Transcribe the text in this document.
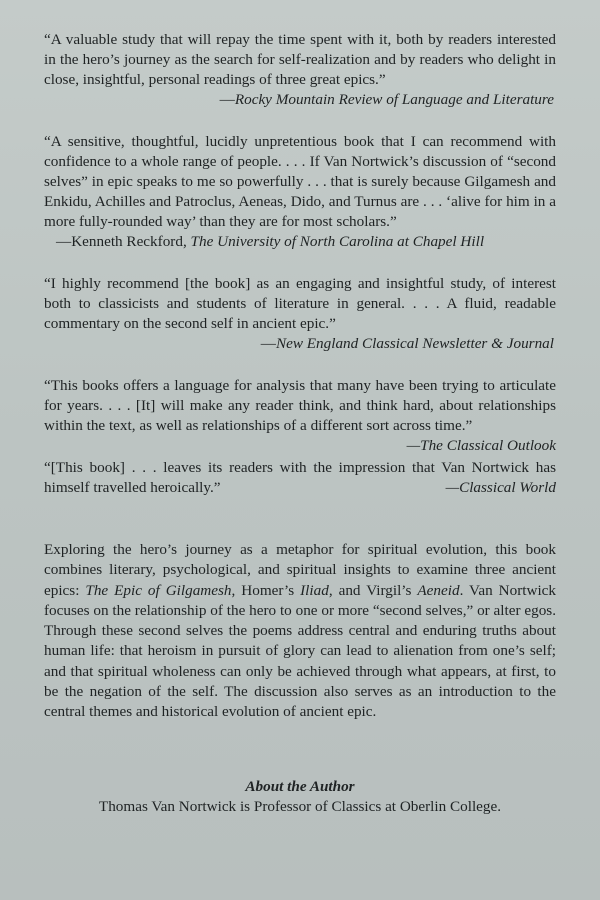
“A valuable study that will repay the time spent with it, both by readers interested in the hero’s journey as the search for self-realization and by readers who delight in close, insightful, personal readings of three great epics.”

—Rocky Mountain Review of Language and Literature

“A sensitive, thoughtful, lucidly unpretentious book that I can recommend with confidence to a whole range of people. . . . If Van Nortwick’s discussion of “second selves” in epic speaks to me so powerfully . . . that is surely because Gilgamesh and Enkidu, Achilles and Patroclus, Aeneas, Dido, and Turnus are . . . ‘alive for him in a more fully-rounded way’ than they are for most scholars.”

—Kenneth Reckford, The University of North Carolina at Chapel Hill

“I highly recommend [the book] as an engaging and insightful study, of interest both to classicists and students of literature in general. . . . A fluid, readable commentary on the second self in ancient epic.”

—New England Classical Newsletter & Journal

“This books offers a language for analysis that many have been trying to articulate for years. . . . [It] will make any reader think, and think hard, about relationships within the text, as well as relationships of a different sort across time.”
—The Classical Outlook

“[This book] . . . leaves its readers with the impression that Van Nortwick has himself travelled heroically.”	—Classical World

Exploring the hero’s journey as a metaphor for spiritual evolution, this book combines literary, psychological, and spiritual insights to examine three ancient epics: The Epic of Gilgamesh, Homer’s Iliad, and Virgil’s Aeneid. Van Nortwick focuses on the relationship of the hero to one or more “second selves,” or alter egos. Through these second selves the poems address central and enduring truths about human life: that heroism in pursuit of glory can lead to alienation from one’s self; and that spiritual wholeness can only be achieved through what appears, at first, to be the negation of the self. The discussion also serves as an introduction to the central themes and historical evolution of ancient epic.

About the Author

Thomas Van Nortwick is Professor of Classics at Oberlin College.
